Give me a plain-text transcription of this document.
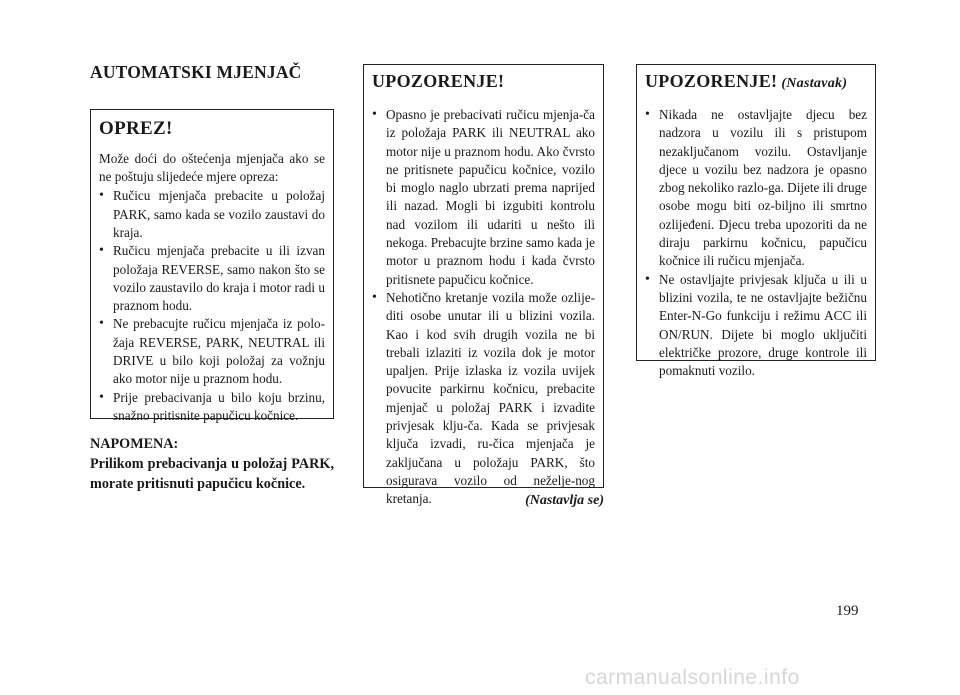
AUTOMATSKI MJENJAČ
OPREZ!

Može doći do oštećenja mjenjača ako se ne poštuju slijedeće mjere opreza:

• Ručicu mjenjača prebacite u položaj PARK, samo kada se vozilo zaustavi do kraja.
• Ručicu mjenjača prebacite u ili izvan položaja REVERSE, samo nakon što se vozilo zaustavilo do kraja i motor radi u praznom hodu.
• Ne prebacujte ručicu mjenjača iz polo-žaja REVERSE, PARK, NEUTRAL ili DRIVE u bilo koji položaj za vožnju ako motor nije u praznom hodu.
• Prije prebacivanja u bilo koju brzinu, snažno pritisnite papučicu kočnice.
NAPOMENA:
Prilikom prebacivanja u položaj PARK, morate pritisnuti papučicu kočnice.
UPOZORENJE!
• Opasno je prebacivati ručicu mjenja-ča iz položaja PARK ili NEUTRAL ako motor nije u praznom hodu. Ako čvrsto ne pritisnete papučicu kočnice, vozilo bi moglo naglo ubrzati prema naprijed ili nazad. Mogli bi izgubiti kontrolu nad vozilom ili udariti u nešto ili nekoga. Prebacujte brzine samo kada je motor u praznom hodu i kada čvrsto pritisnete papučicu kočnice.
• Nehotično kretanje vozila može ozlije-diti osobe unutar ili u blizini vozila. Kao i kod svih drugih vozila ne bi trebali izlaziti iz vozila dok je motor upaljen. Prije izlaska iz vozila uvijek povucite parkirnu kočnicu, prebacite mjenjač u položaj PARK i izvadite privjesak klju-ča. Kada se privjesak ključa izvadi, ru-čica mjenjača je zaključana u položaju PARK, što osigurava vozilo od neželje-nog kretanja.	(Nastavlja se)
UPOZORENJE! (Nastavak)
• Nikada ne ostavljajte djecu bez nadzora u vozilu ili s pristupom nezaključanom vozilu. Ostavljanje djece u vozilu bez nadzora je opasno zbog nekoliko razlo-ga. Dijete ili druge osobe mogu biti oz-biljno ili smrtno ozlijeđeni. Djecu treba upozoriti da ne diraju parkirnu kočnicu, papučicu kočnice ili ručicu mjenjača.
• Ne ostavljajte privjesak ključa u ili u blizini vozila, te ne ostavljajte bežičnu Enter-N-Go funkciju i režimu ACC ili ON/RUN. Dijete bi moglo uključiti električke prozore, druge kontrole ili pomaknuti vozilo.
199
carmanualsonline.info
